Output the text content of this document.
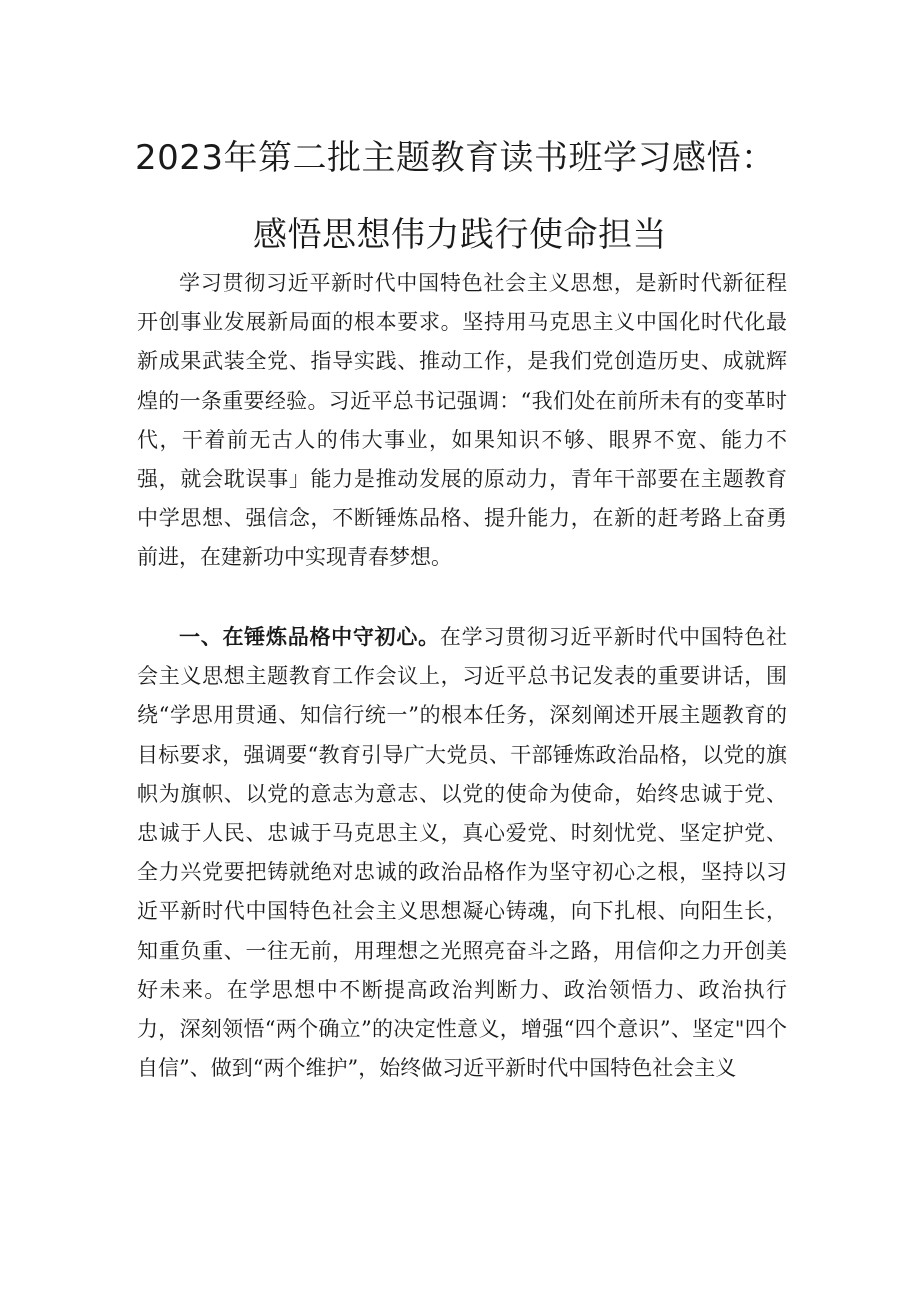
2023年第二批主题教育读书班学习感悟：
感悟思想伟力践行使命担当

学习贯彻习近平新时代中国特色社会主义思想，是新时代新征程开创事业发展新局面的根本要求。坚持用马克思主义中国化时代化最新成果武装全党、指导实践、推动工作，是我们党创造历史、成就辉煌的一条重要经验。习近平总书记强调：“我们处在前所未有的变革时代，干着前无古人的伟大事业，如果知识不够、眼界不宽、能力不强，就会耽误事」能力是推动发展的原动力，青年干部要在主题教育中学思想、强信念，不断锤炼品格、提升能力，在新的赶考路上奋勇前进，在建新功中实现青春梦想。

一、在锤炼品格中守初心。在学习贯彻习近平新时代中国特色社会主义思想主题教育工作会议上，习近平总书记发表的重要讲话，围绕“学思用贯通、知信行统一”的根本任务，深刻阐述开展主题教育的目标要求，强调要“教育引导广大党员、干部锤炼政治品格，以党的旗帜为旗帜、以党的意志为意志、以党的使命为使命，始终忠诚于党、忠诚于人民、忠诚于马克思主义，真心爱党、时刻忧党、坚定护党、全力兴党要把铸就绝对忠诚的政治品格作为坚守初心之根，坚持以习近平新时代中国特色社会主义思想凝心铸魂，向下扎根、向阳生长，知重负重、一往无前，用理想之光照亮奋斗之路，用信仰之力开创美好未来。在学思想中不断提高政治判断力、政治领悟力、政治执行力，深刻领悟“两个确立”的决定性意义，增强“四个意识”、坚定"四个自信”、做到“两个维护”，始终做习近平新时代中国特色社会主义
